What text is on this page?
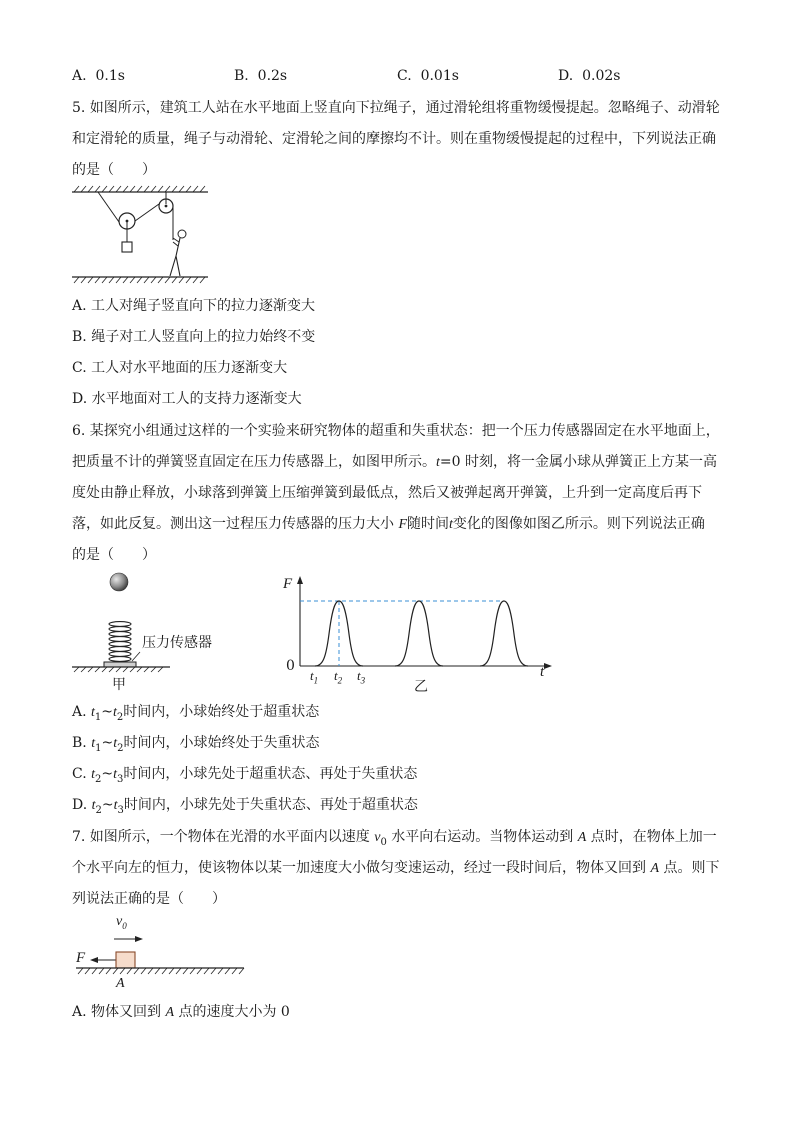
A. 0.1s	B. 0.2s	C. 0.01s	D. 0.02s
5. 如图所示，建筑工人站在水平地面上竖直向下拉绳子，通过滑轮组将重物缓慢提起。忽略绳子、动滑轮
和定滑轮的质量，绳子与动滑轮、定滑轮之间的摩擦均不计。则在重物缓慢提起的过程中，下列说法正确
的是（　　）
A. 工人对绳子竖直向下的拉力逐渐变大
B. 绳子对工人竖直向上的拉力始终不变
C. 工人对水平地面的压力逐渐变大
D. 水平地面对工人的支持力逐渐变大
6. 某探究小组通过这样的一个实验来研究物体的超重和失重状态：把一个压力传感器固定在水平地面上，
把质量不计的弹簧竖直固定在压力传感器上，如图甲所示。t=0 时刻，将一金属小球从弹簧正上方某一高
度处由静止释放，小球落到弹簧上压缩弹簧到最低点，然后又被弹起离开弹簧，上升到一定高度后再下
落，如此反复。测出这一过程压力传感器的压力大小 F随时间t变化的图像如图乙所示。则下列说法正确
的是（　　）
压力传感器
甲
F
0	t
$t_1$ $t_2$ $t_3$	乙
A. $t_1\sim t_2$时间内，小球始终处于超重状态
B. $t_1\sim t_2$时间内，小球始终处于失重状态
C. $t_2\sim t_3$时间内，小球先处于超重状态、再处于失重状态
D. $t_2\sim t_3$时间内，小球先处于失重状态、再处于超重状态
7. 如图所示，一个物体在光滑的水平面内以速度 $v_0$ 水平向右运动。当物体运动到 A 点时，在物体上加一
个水平向左的恒力，使该物体以某一加速度大小做匀变速运动，经过一段时间后，物体又回到 A 点。则下
列说法正确的是（　　）
$v_0$
F
A
A. 物体又回到 A 点的速度大小为 0
